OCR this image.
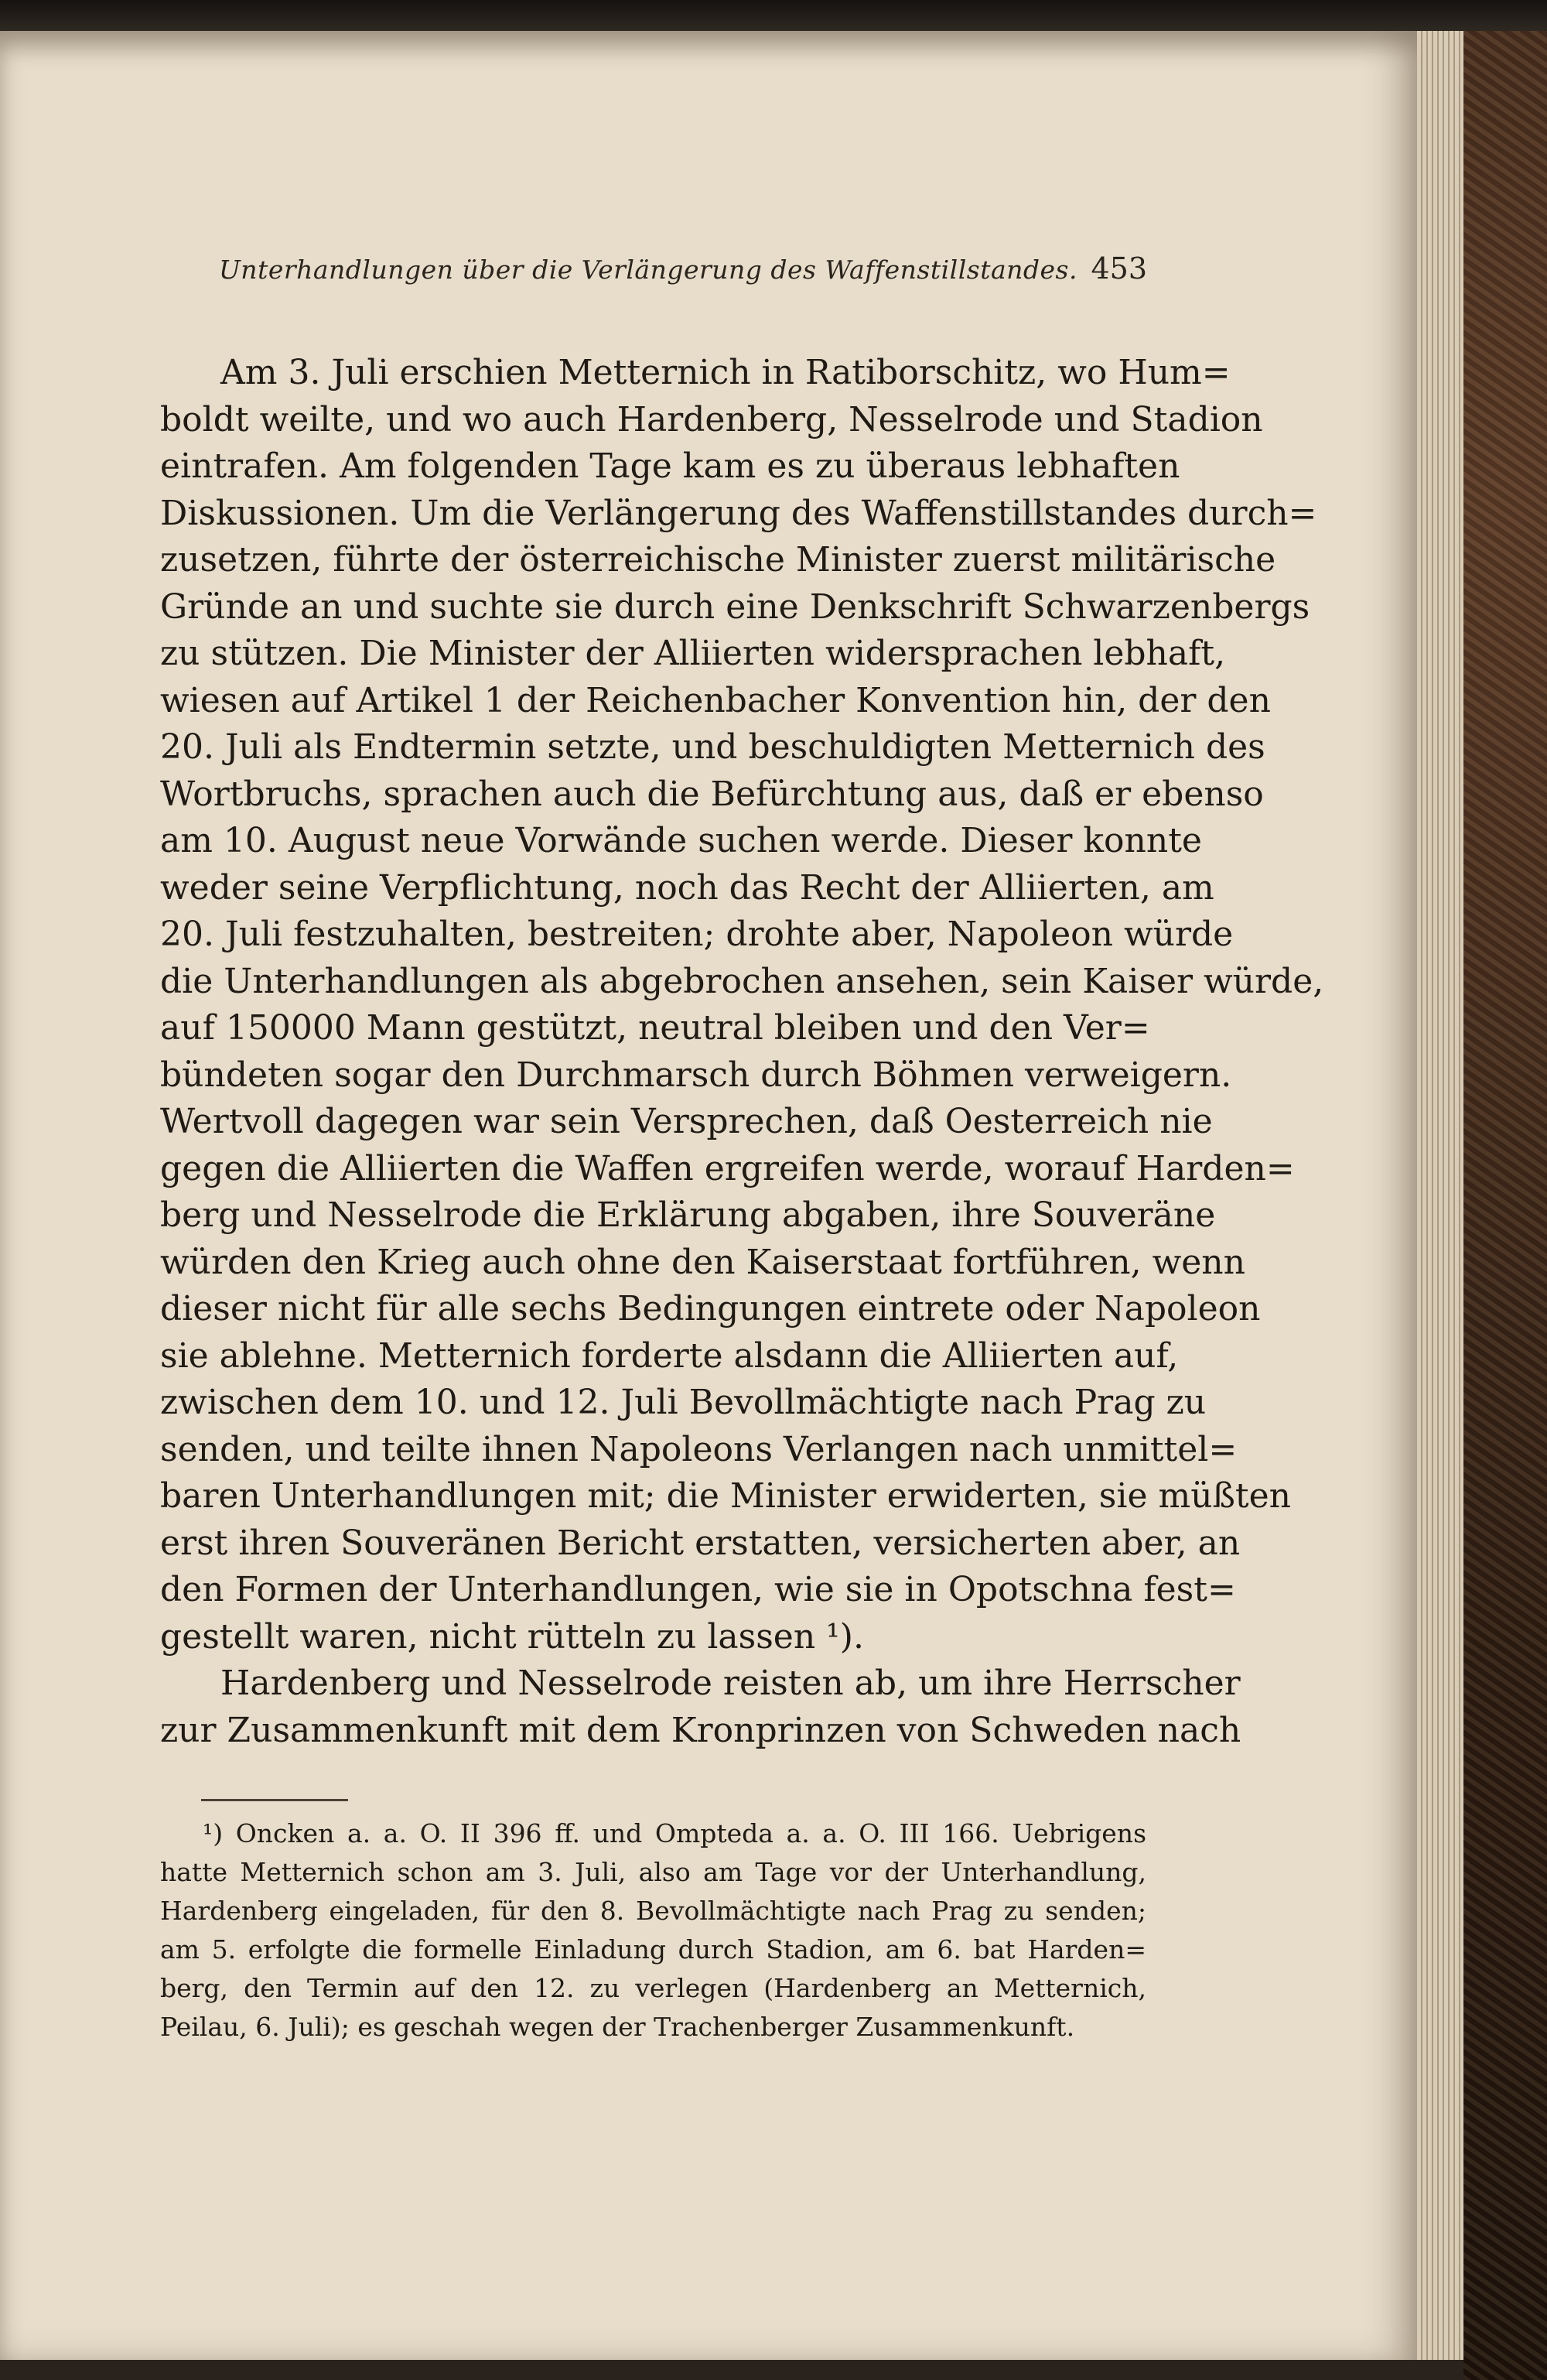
Unterhandlungen über die Verlängerung des Waffenstillstandes. 453
Am 3. Juli erschien Metternich in Ratiborschitz, wo Hum=
boldt weilte, und wo auch Hardenberg, Nesselrode und Stadion
eintrafen. Am folgenden Tage kam es zu überaus lebhaften
Diskussionen. Um die Verlängerung des Waffenstillstandes durch=
zusetzen, führte der österreichische Minister zuerst militärische
Gründe an und suchte sie durch eine Denkschrift Schwarzenbergs
zu stützen. Die Minister der Alliierten widersprachen lebhaft,
wiesen auf Artikel 1 der Reichenbacher Konvention hin, der den
20. Juli als Endtermin setzte, und beschuldigten Metternich des
Wortbruchs, sprachen auch die Befürchtung aus, daß er ebenso
am 10. August neue Vorwände suchen werde. Dieser konnte
weder seine Verpflichtung, noch das Recht der Alliierten, am
20. Juli festzuhalten, bestreiten; drohte aber, Napoleon würde
die Unterhandlungen als abgebrochen ansehen, sein Kaiser würde,
auf 150000 Mann gestützt, neutral bleiben und den Ver=
bündeten sogar den Durchmarsch durch Böhmen verweigern.
Wertvoll dagegen war sein Versprechen, daß Oesterreich nie
gegen die Alliierten die Waffen ergreifen werde, worauf Harden=
berg und Nesselrode die Erklärung abgaben, ihre Souveräne
würden den Krieg auch ohne den Kaiserstaat fortführen, wenn
dieser nicht für alle sechs Bedingungen eintrete oder Napoleon
sie ablehne. Metternich forderte alsdann die Alliierten auf,
zwischen dem 10. und 12. Juli Bevollmächtigte nach Prag zu
senden, und teilte ihnen Napoleons Verlangen nach unmittel=
baren Unterhandlungen mit; die Minister erwiderten, sie müßten
erst ihren Souveränen Bericht erstatten, versicherten aber, an
den Formen der Unterhandlungen, wie sie in Opotschna fest=
gestellt waren, nicht rütteln zu lassen ¹).
Hardenberg und Nesselrode reisten ab, um ihre Herrscher
zur Zusammenkunft mit dem Kronprinzen von Schweden nach
¹) Oncken a. a. O. II 396 ff. und Ompteda a. a. O. III 166. Uebrigens
hatte Metternich schon am 3. Juli, also am Tage vor der Unterhandlung,
Hardenberg eingeladen, für den 8. Bevollmächtigte nach Prag zu senden;
am 5. erfolgte die formelle Einladung durch Stadion, am 6. bat Harden=
berg, den Termin auf den 12. zu verlegen (Hardenberg an Metternich,
Peilau, 6. Juli); es geschah wegen der Trachenberger Zusammenkunft.
